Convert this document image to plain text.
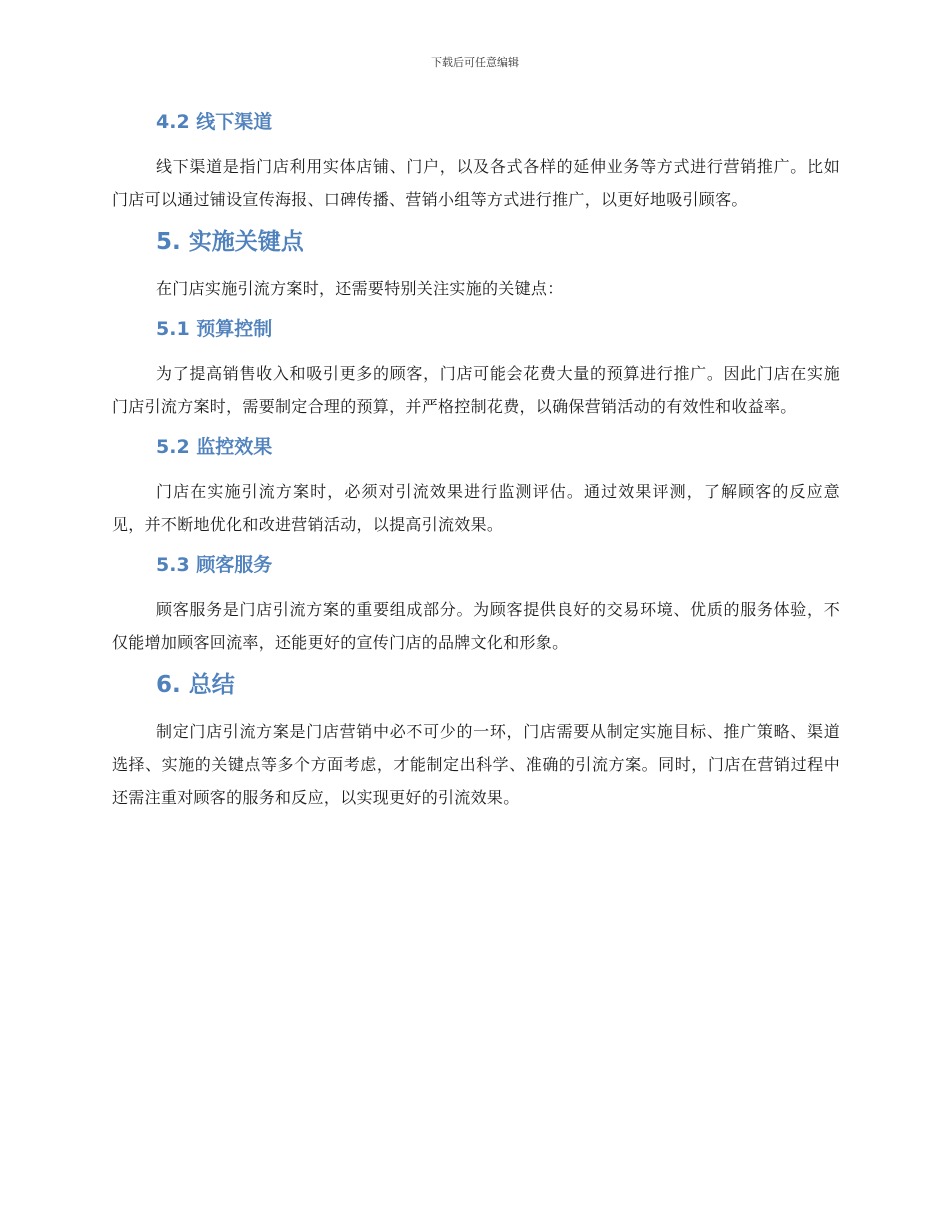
下载后可任意编辑
4.2 线下渠道

线下渠道是指门店利用实体店铺、门户，以及各式各样的延伸业务等方式进行营销推广。比如门店可以通过铺设宣传海报、口碑传播、营销小组等方式进行推广，以更好地吸引顾客。

5. 实施关键点

在门店实施引流方案时，还需要特别关注实施的关键点：

5.1 预算控制

为了提高销售收入和吸引更多的顾客，门店可能会花费大量的预算进行推广。因此门店在实施门店引流方案时，需要制定合理的预算，并严格控制花费，以确保营销活动的有效性和收益率。

5.2 监控效果

门店在实施引流方案时，必须对引流效果进行监测评估。通过效果评测，了解顾客的反应意见，并不断地优化和改进营销活动，以提高引流效果。

5.3 顾客服务

顾客服务是门店引流方案的重要组成部分。为顾客提供良好的交易环境、优质的服务体验，不仅能增加顾客回流率，还能更好的宣传门店的品牌文化和形象。

6. 总结

制定门店引流方案是门店营销中必不可少的一环，门店需要从制定实施目标、推广策略、渠道选择、实施的关键点等多个方面考虑，才能制定出科学、准确的引流方案。同时，门店在营销过程中还需注重对顾客的服务和反应，以实现更好的引流效果。
